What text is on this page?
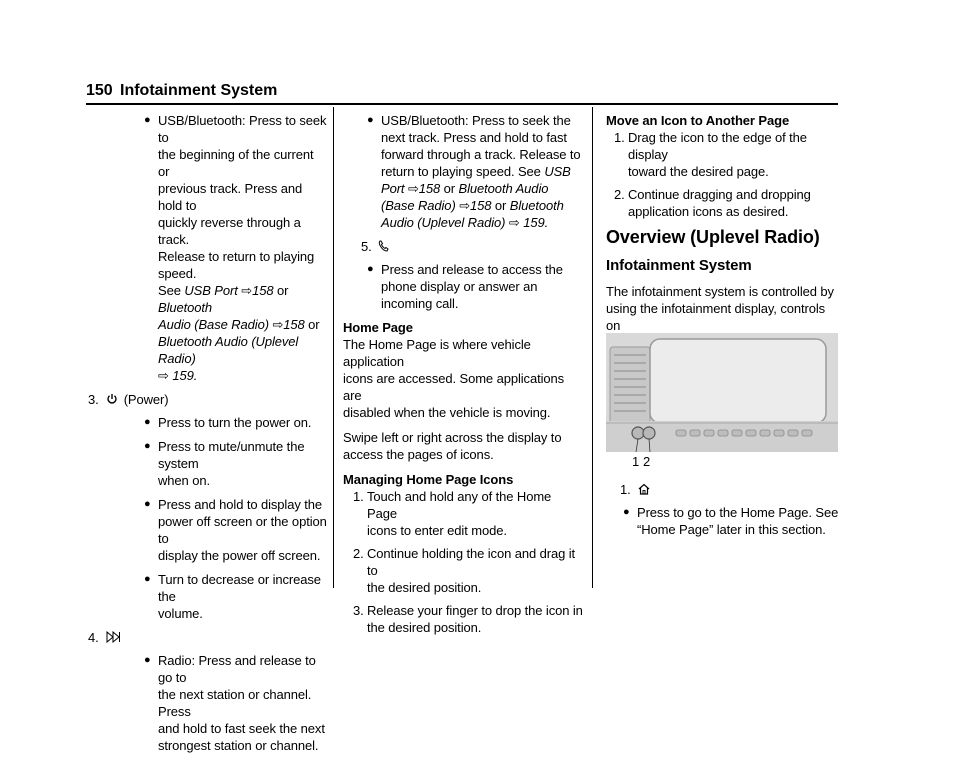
150 Infotainment System
● USB/Bluetooth: Press to seek to

the beginning of the current or

previous track. Press and hold to

quickly reverse through a track.

Release to return to playing speed.

See USB Port ⇨158 or Bluetooth

Audio (Base Radio) ⇨158 or

Bluetooth Audio (Uplevel Radio)

⇨ 159.

3. (Power)
● Press to turn the power on.

● Press to mute/unmute the system

when on.

● Press and hold to display the

power off screen or the option to

display the power off screen.

● Turn to decrease or increase the

volume.

4.
● Radio: Press and release to go to

the next station or channel. Press

and hold to fast seek the next

strongest station or channel.

● USB/Bluetooth: Press to seek the

next track. Press and hold to fast

forward through a track. Release to

return to playing speed. See USB

Port ⇨158 or Bluetooth Audio

(Base Radio) ⇨158 or Bluetooth

Audio (Uplevel Radio) ⇨ 159.

5.
● Press and release to access the

phone display or answer an

incoming call.

Home Page

The Home Page is where vehicle application

icons are accessed. Some applications are

disabled when the vehicle is moving.

Swipe left or right across the display to

access the pages of icons.

Managing Home Page Icons

1. Touch and hold any of the Home Page

icons to enter edit mode.

2. Continue holding the icon and drag it to

the desired position.

3. Release your finger to drop the icon in

the desired position.

Move an Icon to Another Page

1. Drag the icon to the edge of the display

toward the desired page.

2. Continue dragging and dropping

application icons as desired.

Overview (Uplevel Radio)
Infotainment System

The infotainment system is controlled by

using the infotainment display, controls on

1 2
1.
● Press to go to the Home Page. See

“Home Page” later in this section.
